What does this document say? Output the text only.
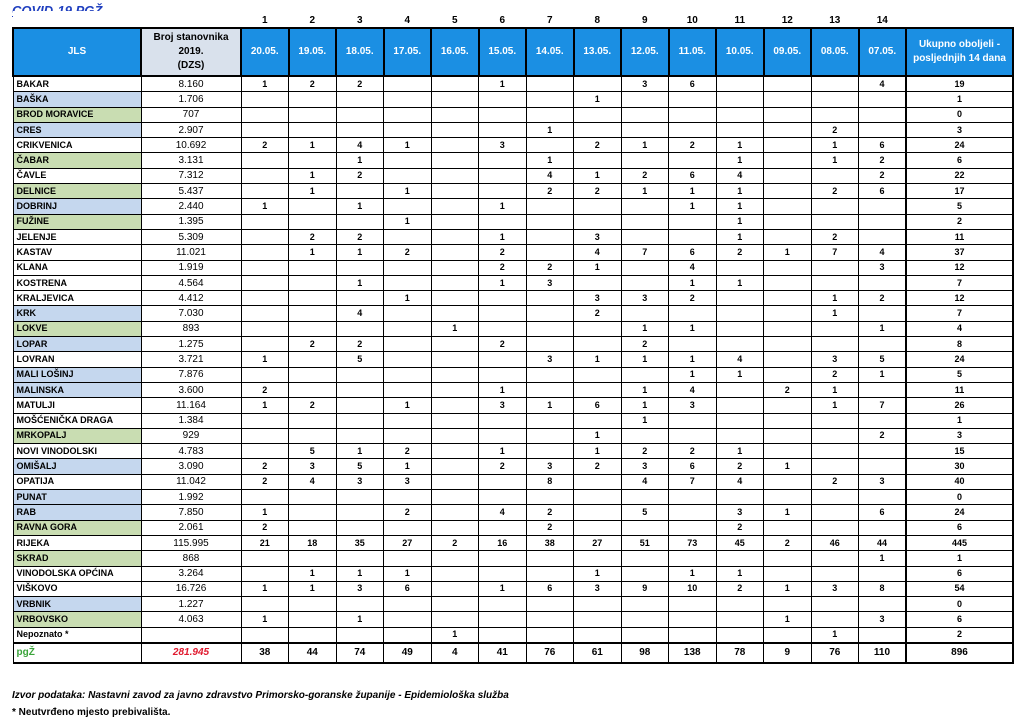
		1	2	3	4	5	6	7	8	9	10	11	12	13	14	
JLS	Broj stanovnika
2019.
(DZS)	20.05.	19.05.	18.05.	17.05.	16.05.	15.05.	14.05.	13.05.	12.05.	11.05.	10.05.	09.05.	08.05.	07.05.	Ukupno oboljeli -
posljednjih 14 dana
BAKAR	8.160	1	2	2			1			3	6				4	19
BAŠKA	1.706								1							1
BROD MORAVICE	707															0
CRES	2.907							1						2		3
CRIKVENICA	10.692	2	1	4	1		3		2	1	2	1		1	6	24
ČABAR	3.131			1				1				1		1	2	6
ČAVLE	7.312		1	2				4	1	2	6	4			2	22
DELNICE	5.437		1		1			2	2	1	1	1		2	6	17
DOBRINJ	2.440	1		1			1				1	1				5
FUŽINE	1.395				1							1				2
JELENJE	5.309		2	2			1		3			1		2		11
KASTAV	11.021		1	1	2		2		4	7	6	2	1	7	4	37
KLANA	1.919						2	2	1		4				3	12
KOSTRENA	4.564			1			1	3			1	1				7
KRALJEVICA	4.412				1				3	3	2			1	2	12
KRK	7.030			4					2					1		7
LOKVE	893					1				1	1				1	4
LOPAR	1.275		2	2			2			2						8
LOVRAN	3.721	1		5				3	1	1	1	4		3	5	24
MALI LOŠINJ	7.876										1	1		2	1	5
MALINSKA	3.600	2					1			1	4		2	1		11
MATULJI	11.164	1	2		1		3	1	6	1	3			1	7	26
MOŠĆENIČKA DRAGA	1.384									1						1
MRKOPALJ	929								1						2	3
NOVI VINODOLSKI	4.783		5	1	2		1		1	2	2	1				15
OMIŠALJ	3.090	2	3	5	1		2	3	2	3	6	2	1			30
OPATIJA	11.042	2	4	3	3			8		4	7	4		2	3	40
PUNAT	1.992															0
RAB	7.850	1			2		4	2		5		3	1		6	24
RAVNA GORA	2.061	2						2				2				6
RIJEKA	115.995	21	18	35	27	2	16	38	27	51	73	45	2	46	44	445
SKRAD	868														1	1
VINODOLSKA OPĆINA	3.264		1	1	1				1		1	1				6
VIŠKOVO	16.726	1	1	3	6		1	6	3	9	10	2	1	3	8	54
VRBNIK	1.227															0
VRBOVSKO	4.063	1		1									1		3	6
Nepoznato *						1								1		2
pgŽ	281.945	38	44	74	49	4	41	76	61	98	138	78	9	76	110	896
Izvor podataka: Nastavni zavod za javno zdravstvo Primorsko-goranske županije - Epidemiološka služba
* Neutvrđeno mjesto prebivališta.
